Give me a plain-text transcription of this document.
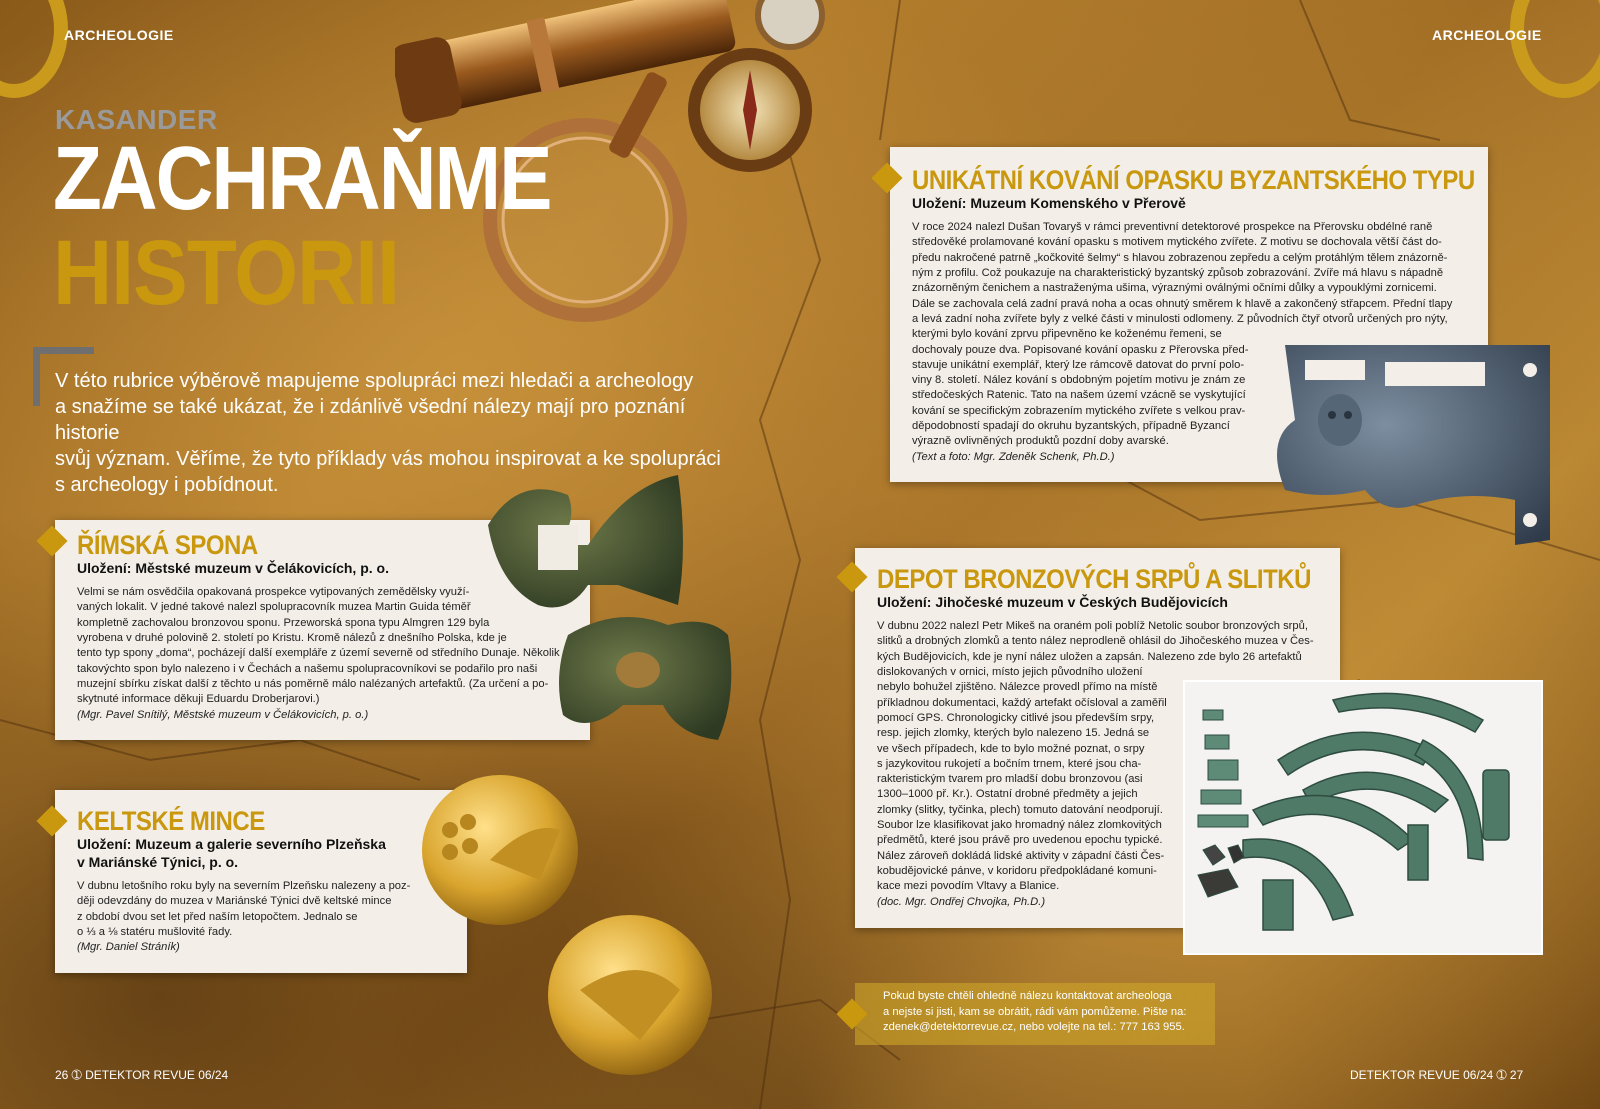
ARCHEOLOGIE	ARCHEOLOGIE
KASANDER
ZACHRAŇME
HISTORII
V této rubrice výběrově mapujeme spolupráci mezi hledači a archeology
a snažíme se také ukázat, že i zdánlivě všední nálezy mají pro poznání historie
svůj význam. Věříme, že tyto příklady vás mohou inspirovat a ke spolupráci
s archeology i pobídnout.
ŘÍMSKÁ SPONA
Uložení: Městské muzeum v Čelákovicích, p. o.
Velmi se nám osvědčila opakovaná prospekce vytipovaných zemědělsky využí-
vaných lokalit. V jedné takové nalezl spolupracovník muzea Martin Guida téměř
kompletně zachovalou bronzovou sponu. Przeworská spona typu Almgren 129 byla
vyrobena v druhé polovině 2. století po Kristu. Kromě nálezů z dnešního Polska, kde je
tento typ spony „doma“, pocházejí další exempláře z území severně od středního Dunaje. Několik
takovýchto spon bylo nalezeno i v Čechách a našemu spolupracovníkovi se podařilo pro naši
muzejní sbírku získat další z těchto u nás poměrně málo nalézaných artefaktů. (Za určení a po-
skytnuté informace děkuji Eduardu Droberjarovi.)
(Mgr. Pavel Snítilý, Městské muzeum v Čelákovicích, p. o.)
KELTSKÉ MINCE
Uložení: Muzeum a galerie severního Plzeňska
v Mariánské Týnici, p. o.
V dubnu letošního roku byly na severním Plzeňsku nalezeny a poz-
ději odevzdány do muzea v Mariánské Týnici dvě keltské mince
z období dvou set let před naším letopočtem. Jednalo se
o ⅓ a ⅛ statéru mušlovité řady.
(Mgr. Daniel Stráník)
UNIKÁTNÍ KOVÁNÍ OPASKU BYZANTSKÉHO TYPU
Uložení: Muzeum Komenského v Přerově
V roce 2024 nalezl Dušan Tovaryš v rámci preventivní detektorové prospekce na Přerovsku obdélné raně
středověké prolamované kování opasku s motivem mytického zvířete. Z motivu se dochovala větší část do-
předu nakročené patrně „kočkovité šelmy“ s hlavou zobrazenou zepředu a celým protáhlým tělem znázorně-
ným z profilu. Což poukazuje na charakteristický byzantský způsob zobrazování. Zvíře má hlavu s nápadně
znázorněným čenichem a nastraženýma ušima, výraznými oválnými očními důlky a vypouklými zornicemi.
Dále se zachovala celá zadní pravá noha a ocas ohnutý směrem k hlavě a zakončený střapcem. Přední tlapy
a levá zadní noha zvířete byly z velké části v minulosti odlomeny. Z původních čtyř otvorů určených pro nýty,
kterými bylo kování zprvu připevněno ke koženému řemeni, se
dochovaly pouze dva. Popisované kování opasku z Přerovska před-
stavuje unikátní exemplář, který lze rámcově datovat do první polo-
viny 8. století. Nález kování s obdobným pojetím motivu je znám ze
středočeských Ratenic. Tato na našem území vzácně se vyskytující
kování se specifickým zobrazením mytického zvířete s velkou prav-
děpodobností spadají do okruhu byzantských, případně Byzancí
výrazně ovlivněných produktů pozdní doby avarské.
(Text a foto: Mgr. Zdeněk Schenk, Ph.D.)
DEPOT BRONZOVÝCH SRPŮ A SLITKŮ
Uložení: Jihočeské muzeum v Českých Budějovicích
V dubnu 2022 nalezl Petr Mikeš na oraném poli poblíž Netolic soubor bronzových srpů,
slitků a drobných zlomků a tento nález neprodleně ohlásil do Jihočeského muzea v Čes-
kých Budějovicích, kde je nyní nález uložen a zapsán. Nalezeno zde bylo 26 artefaktů
dislokovaných v ornici, místo jejich původního uložení
nebylo bohužel zjištěno. Nálezce provedl přímo na místě
příkladnou dokumentaci, každý artefakt očísloval a zaměřil
pomocí GPS. Chronologicky citlivé jsou především srpy,
resp. jejich zlomky, kterých bylo nalezeno 15. Jedná se
ve všech případech, kde to bylo možné poznat, o srpy
s jazykovitou rukojetí a bočním trnem, které jsou cha-
rakteristickým tvarem pro mladší dobu bronzovou (asi
1300–1000 př. Kr.). Ostatní drobné předměty a jejich
zlomky (slitky, tyčinka, plech) tomuto datování neodporují.
Soubor lze klasifikovat jako hromadný nález zlomkovitých
předmětů, které jsou právě pro uvedenou epochu typické.
Nález zároveň dokládá lidské aktivity v západní části Čes-
kobudějovické pánve, v koridoru předpokládané komuni-
kace mezi povodím Vltavy a Blanice.
(doc. Mgr. Ondřej Chvojka, Ph.D.)
Pokud byste chtěli ohledně nálezu kontaktovat archeologa
a nejste si jisti, kam se obrátit, rádi vám pomůžeme. Pište na:
zdenek@detektorrevue.cz, nebo volejte na tel.: 777 163 955.
26 ➀ DETEKTOR REVUE 06/24	DETEKTOR REVUE 06/24 ➀ 27
